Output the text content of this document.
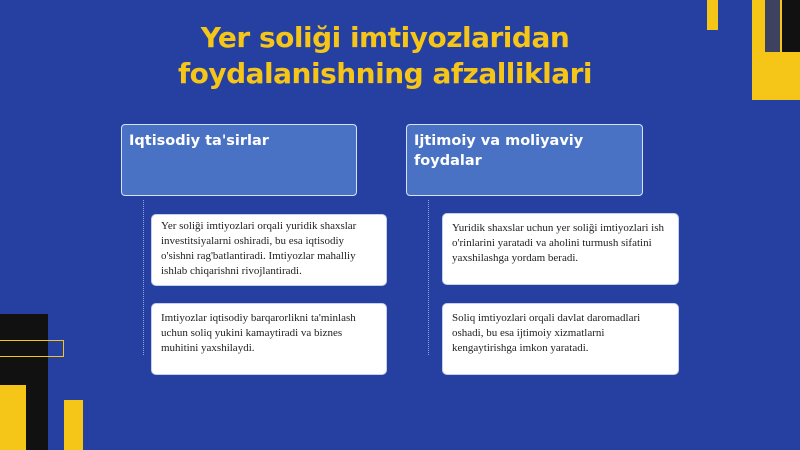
Yer soliği imtiyozlaridan foydalanishning afzalliklari
Iqtisodiy ta'sirlar
Yer soliği imtiyozlari orqali yuridik shaxslar investitsiyalarni oshiradi, bu esa iqtisodiy o'sishni rag'batlantiradi. Imtiyozlar mahalliy ishlab chiqarishni rivojlantiradi.
Imtiyozlar iqtisodiy barqarorlikni ta'minlash uchun soliq yukini kamaytiradi va biznes muhitini yaxshilaydi.
Ijtimoiy va moliyaviy foydalar
Yuridik shaxslar uchun yer soliği imtiyozlari ish o'rinlarini yaratadi va aholini turmush sifatini yaxshilashga yordam beradi.
Soliq imtiyozlari orqali davlat daromadlari oshadi, bu esa ijtimoiy xizmatlarni kengaytirishga imkon yaratadi.
